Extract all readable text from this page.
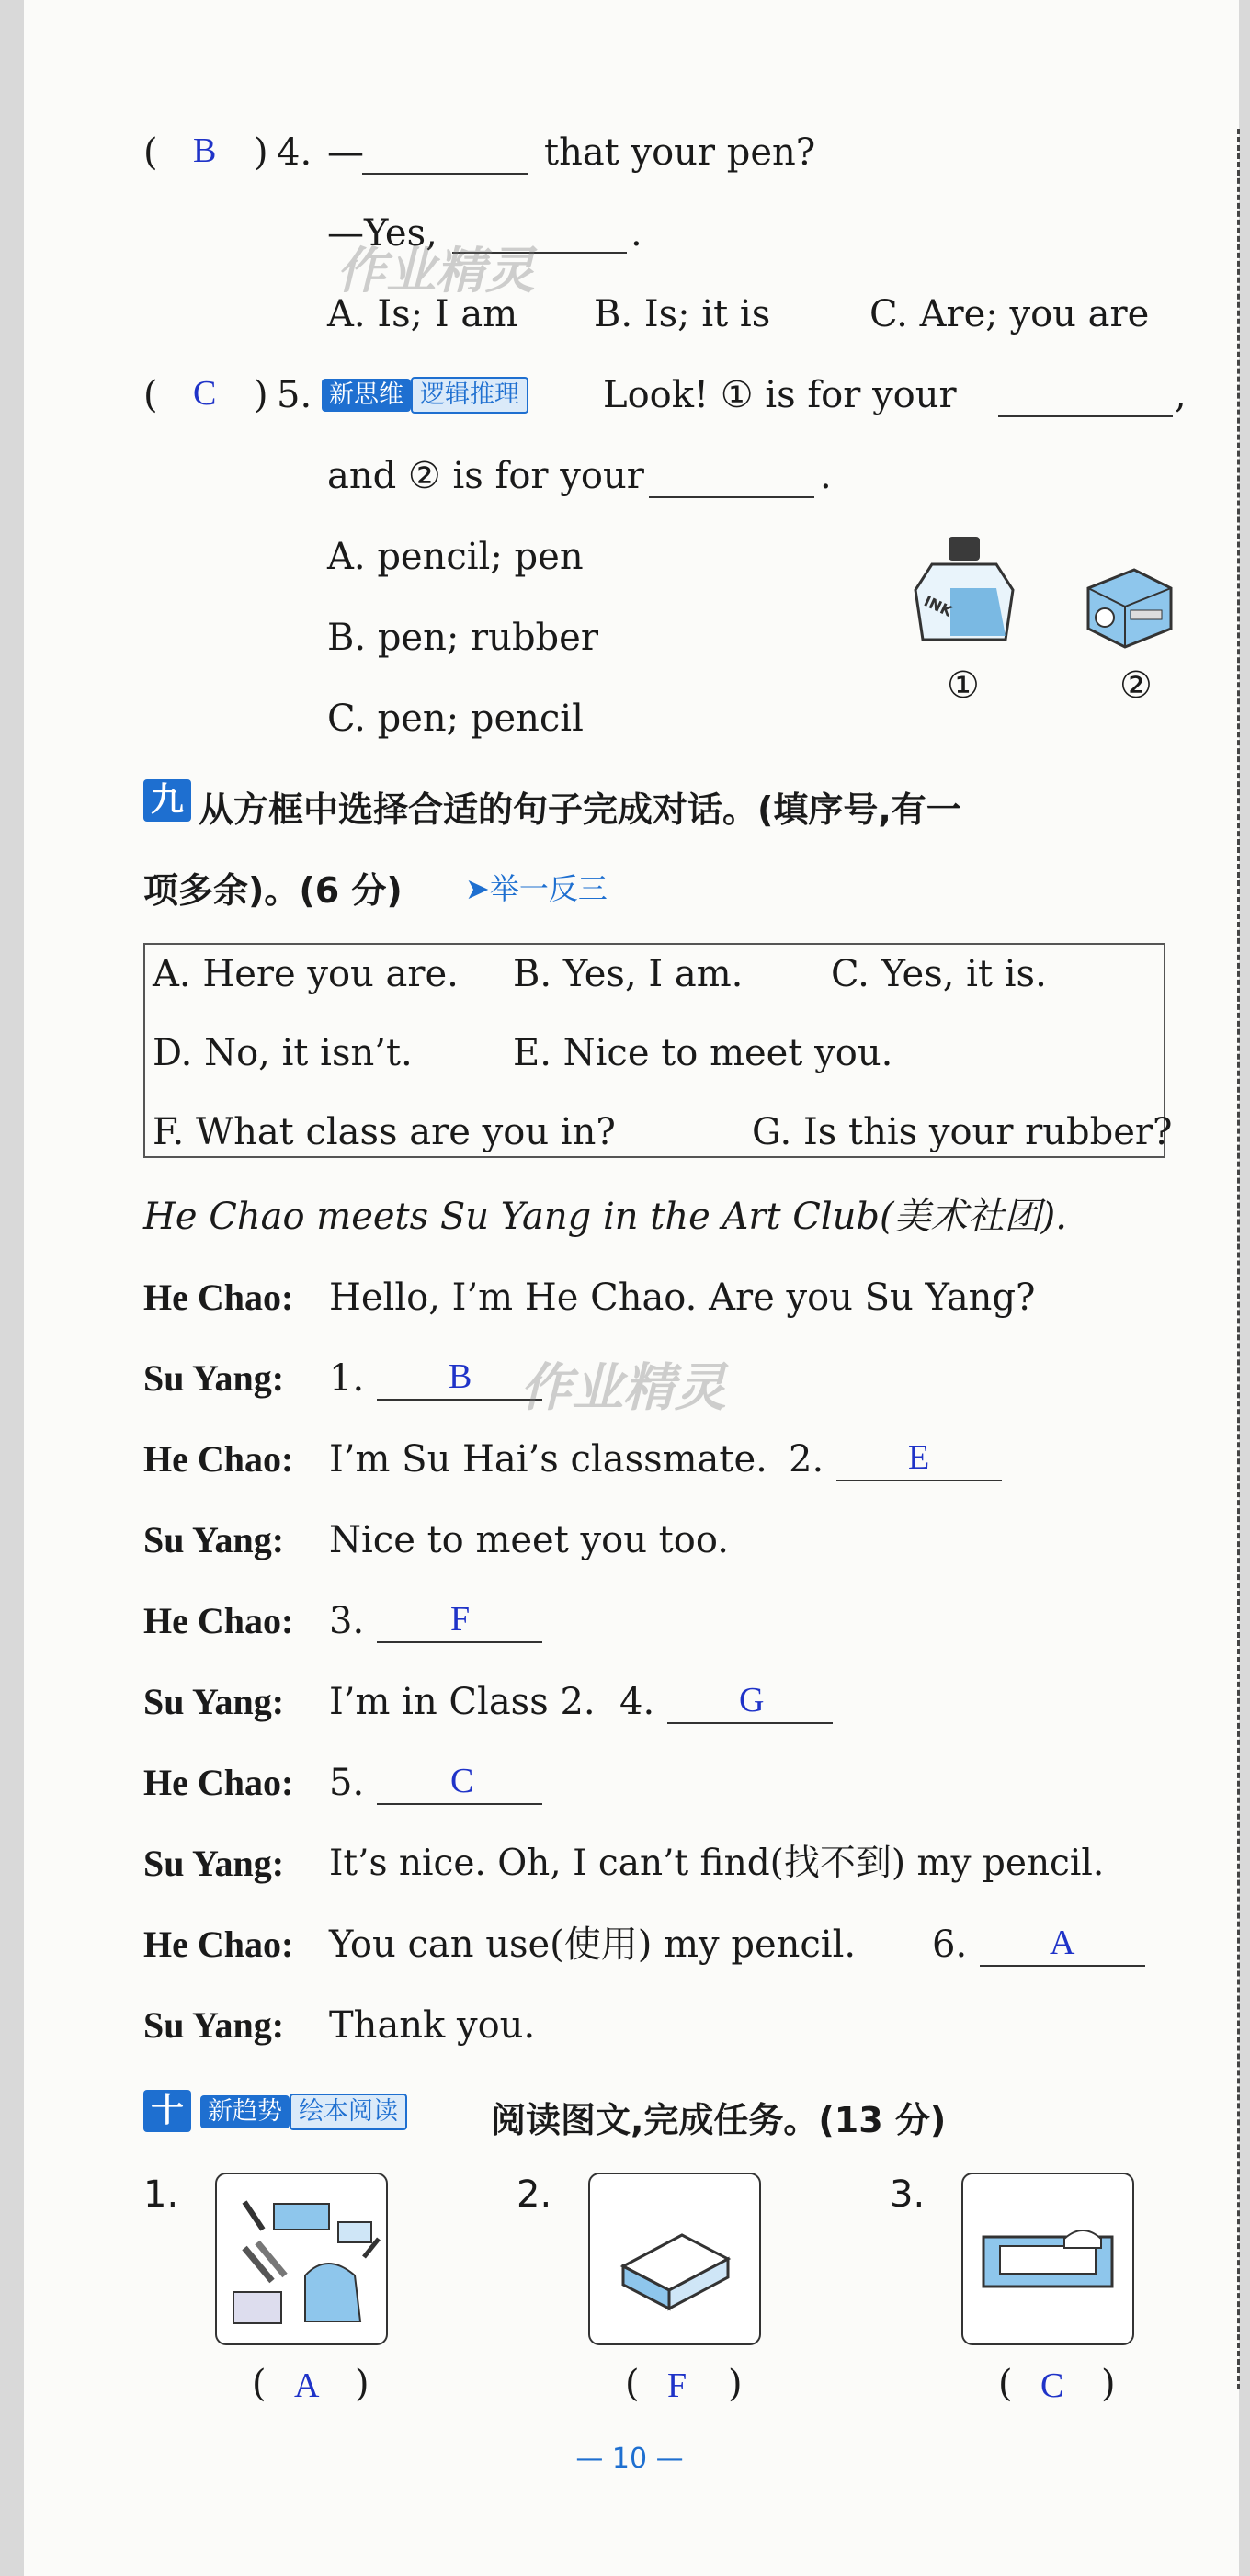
( B ) 4. —	that your pen?
—Yes,	.
A. Is; I am B. Is; it is	C. Are; you are
作业精灵
( C ) 5. 新思维 逻辑推理 Look! ① is for your	,
and ② is for your	.
A. pencil; pen
B. pen; rubber
C. pen; pencil
INK
①	②
九 从方框中选择合适的句子完成对话。(填序号,有一
项多余)。(6 分) ➤举一反三
A. Here you are. B. Yes, I am. C. Yes, it is.
D. No, it isn’t.	E. Nice to meet you.
F. What class are you in?	G. Is this your rubber?
He Chao meets Su Yang in the Art Club(美术社团).
He Chao: Hello, I’m He Chao. Are you Su Yang?
Su Yang: 1. B 作业精灵
He Chao: I’m Su Hai’s classmate. 2. E
Su Yang: Nice to meet you too.
He Chao: 3. F
Su Yang: I’m in Class 2. 4. G
He Chao: 5. C
Su Yang: It’s nice. Oh, I can’t find(找不到) my pencil.
He Chao: You can use(使用) my pencil. 6. A
Su Yang: Thank you.
十 新趋势 绘本阅读	阅读图文,完成任务。(13 分)
1.
( A )
2.
( F )
3.
( C )
— 10 —
